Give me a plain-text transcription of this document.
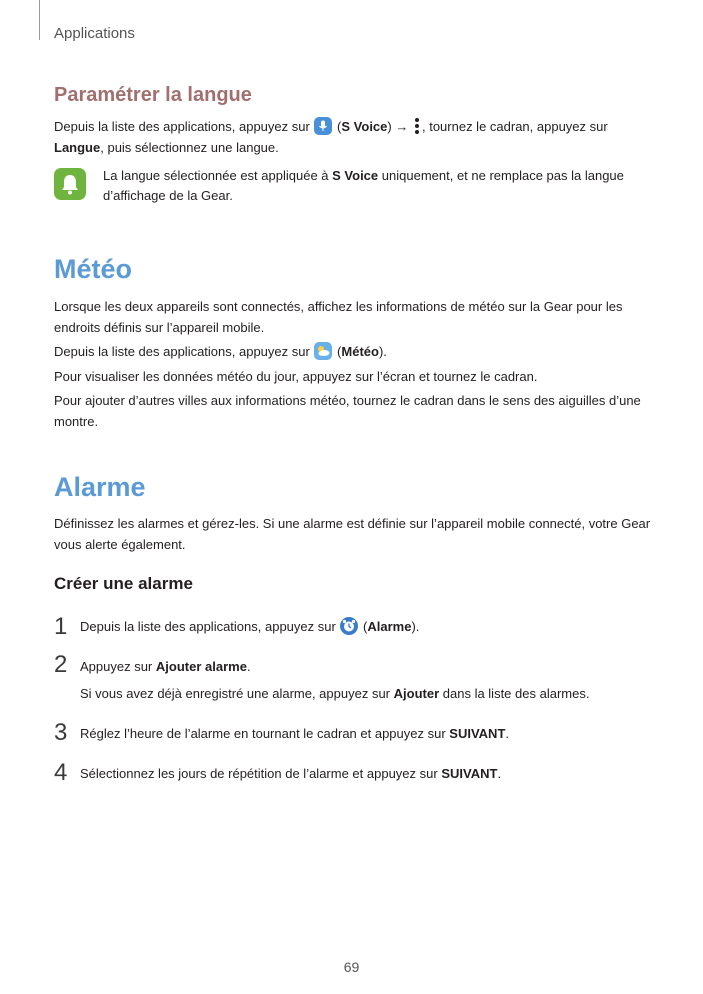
Applications
Paramétrer la langue
Depuis la liste des applications, appuyez sur
(S Voice) → , tournez le cadran, appuyez sur
Langue, puis sélectionnez une langue.
La langue sélectionnée est appliquée à S Voice uniquement, et ne remplace pas la langue d’affichage de la Gear.
Météo
Lorsque les deux appareils sont connectés, affichez les informations de météo sur la Gear pour les endroits définis sur l’appareil mobile.
Depuis la liste des applications, appuyez sur
(Météo).
Pour visualiser les données météo du jour, appuyez sur l’écran et tournez le cadran.
Pour ajouter d’autres villes aux informations météo, tournez le cadran dans le sens des aiguilles d’une montre.
Alarme
Définissez les alarmes et gérez-les. Si une alarme est définie sur l’appareil mobile connecté, votre Gear vous alerte également.
Créer une alarme
1 Depuis la liste des applications, appuyez sur
(Alarme).
2 Appuyez sur Ajouter alarme.
Si vous avez déjà enregistré une alarme, appuyez sur Ajouter dans la liste des alarmes.
3 Réglez l’heure de l’alarme en tournant le cadran et appuyez sur SUIVANT.
4 Sélectionnez les jours de répétition de l’alarme et appuyez sur SUIVANT.
69
